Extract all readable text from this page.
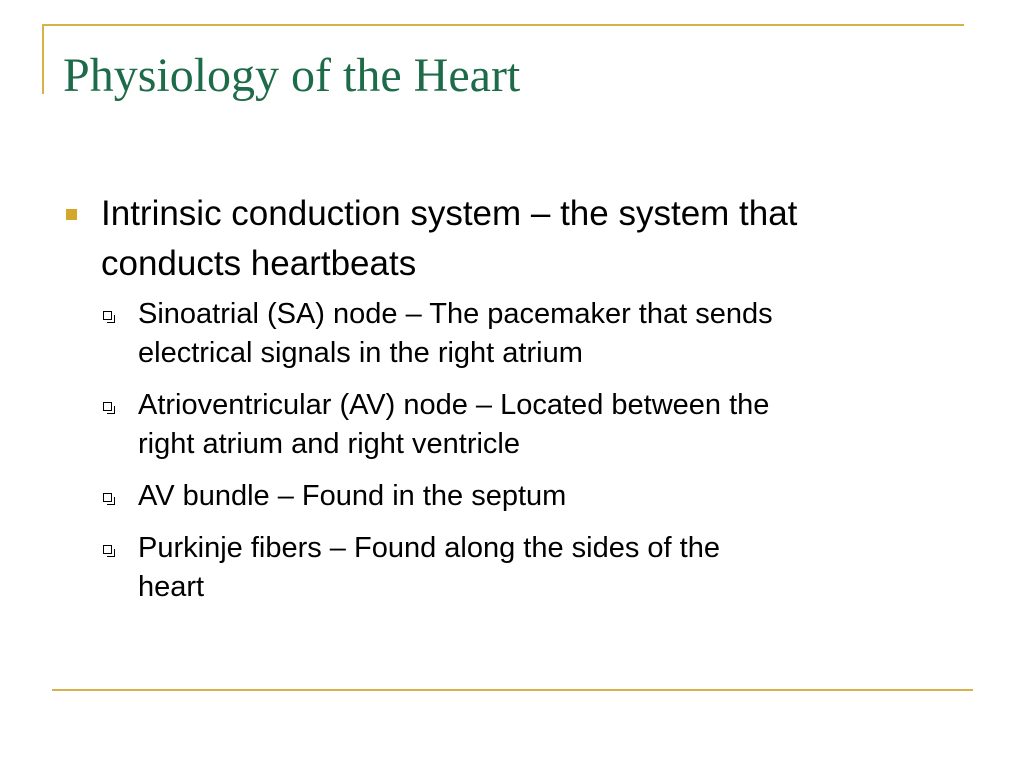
Physiology of the Heart
Intrinsic conduction system – the system that
conducts heartbeats
Sinoatrial (SA) node – The pacemaker that sends
electrical signals in the right atrium
Atrioventricular (AV) node – Located between the
right atrium and right ventricle
AV bundle – Found in the septum
Purkinje fibers – Found along the sides of the
heart
